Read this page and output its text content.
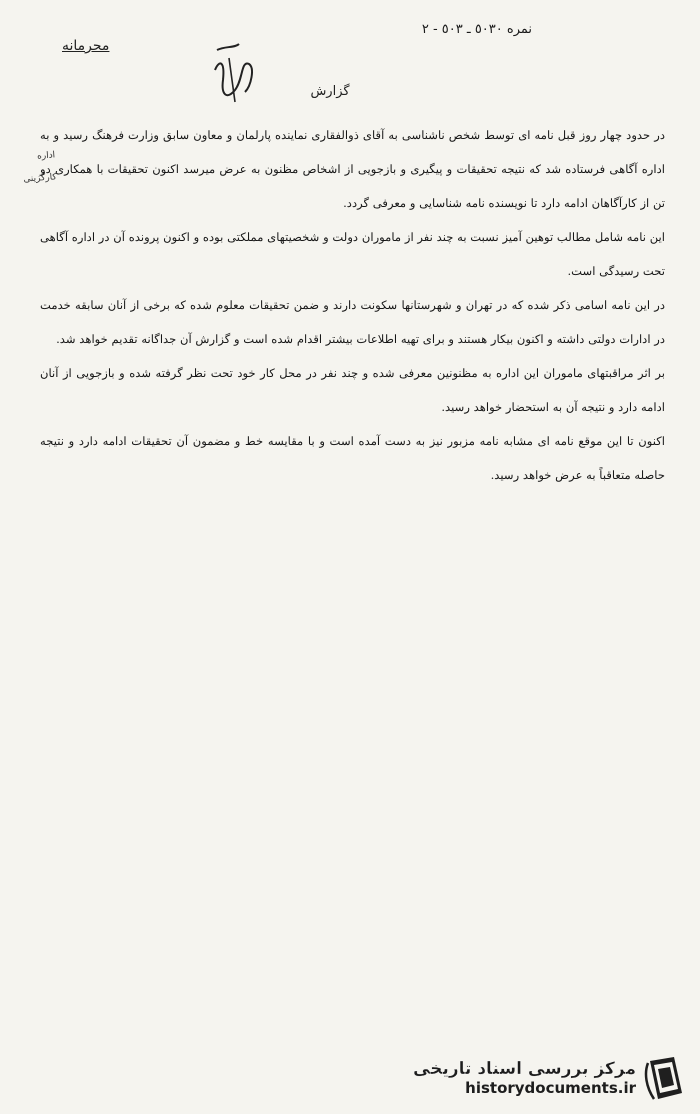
نمره ٥٠٣٠ ـ ٥٠٣ - ٢
محرمانه
گزارش
اداره کارگزینی

در حدود چهار روز قبل نامه ای توسط شخص ناشناسی به آقای ذوالفقاری نماینده پارلمان و معاون سابق وزارت فرهنگ رسید و به اداره آگاهی فرستاده شد که نتیجه تحقیقات و پیگیری و بازجویی از اشخاص مظنون به عرض میرسد اکنون تحقیقات با همکاری دو تن از کارآگاهان ادامه دارد تا نویسنده نامه شناسایی و معرفی گردد.

این نامه شامل مطالب توهین آمیز نسبت به چند نفر از ماموران دولت و شخصیتهای مملکتی بوده و اکنون پرونده آن در اداره آگاهی تحت رسیدگی است.

در این نامه اسامی ذکر شده که در تهران و شهرستانها سکونت دارند و ضمن تحقیقات معلوم شده که برخی از آنان سابقه خدمت در ادارات دولتی داشته و اکنون بیکار هستند و برای تهیه اطلاعات بیشتر اقدام شده است و گزارش آن جداگانه تقدیم خواهد شد.

بر اثر مراقبتهای ماموران این اداره به مظنونین معرفی شده و چند نفر در محل کار خود تحت نظر گرفته شده و بازجویی از آنان ادامه دارد و نتیجه آن به استحضار خواهد رسید.

اکنون تا این موقع نامه ای مشابه نامه مزبور نیز به دست آمده است و با مقایسه خط و مضمون آن تحقیقات ادامه دارد و نتیجه حاصله متعاقباً به عرض خواهد رسید.

مرکز بررسی اسناد تاریخی
historydocuments.ir
